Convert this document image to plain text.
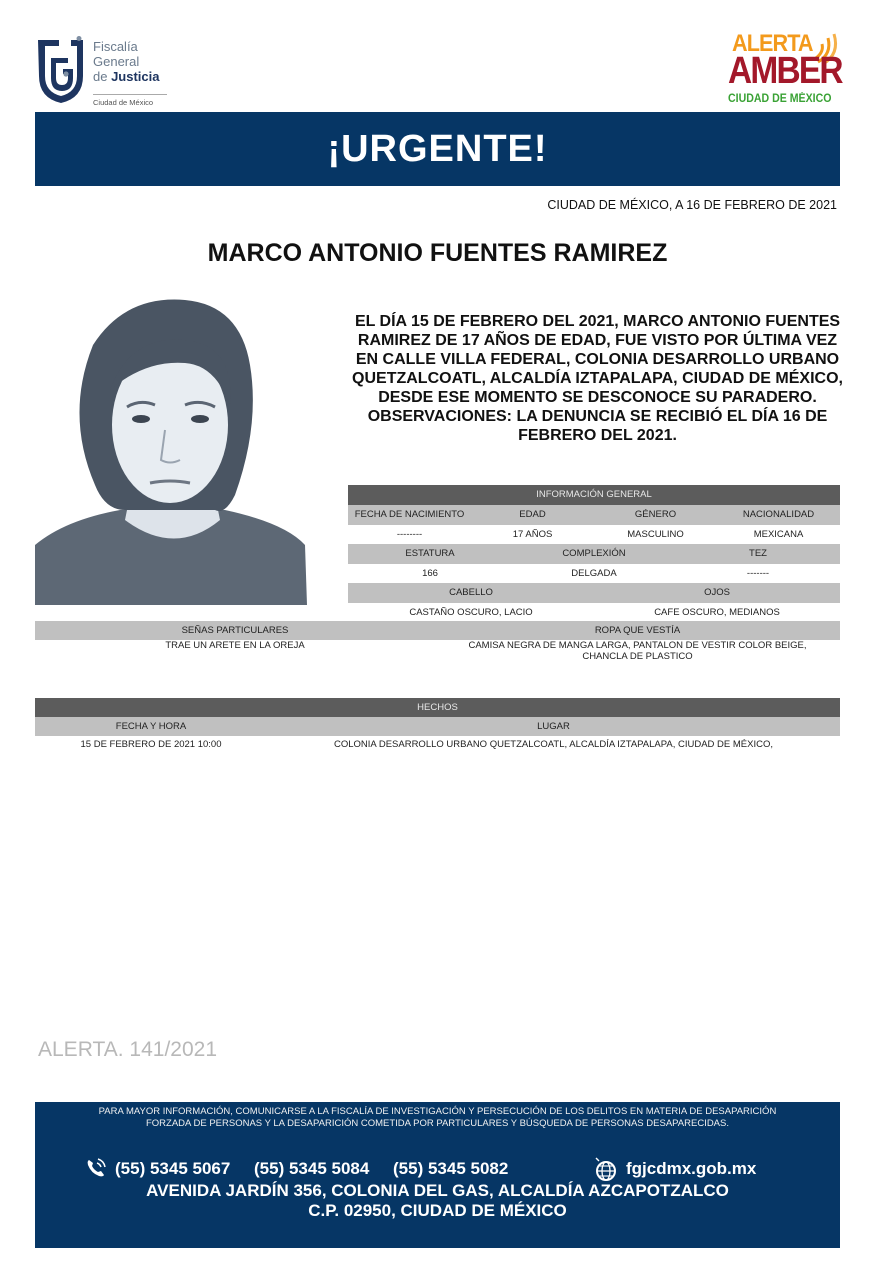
Fiscalía
General
de Justicia
Ciudad de México
ALERTA
AMBER
CIUDAD DE MÉXICO
¡URGENTE!
CIUDAD DE MÉXICO, A 16 DE FEBRERO DE 2021
MARCO ANTONIO FUENTES RAMIREZ
EL DÍA 15 DE FEBRERO DEL 2021, MARCO ANTONIO FUENTES RAMIREZ DE 17 AÑOS DE EDAD, FUE VISTO POR ÚLTIMA VEZ EN CALLE VILLA FEDERAL, COLONIA DESARROLLO URBANO QUETZALCOATL, ALCALDÍA IZTAPALAPA, CIUDAD DE MÉXICO, DESDE ESE MOMENTO SE DESCONOCE SU PARADERO.
OBSERVACIONES: LA DENUNCIA SE RECIBIÓ EL DÍA 16 DE FEBRERO DEL 2021.
INFORMACIÓN GENERAL
FECHA DE NACIMIENTO	EDAD	GÉNERO	NACIONALIDAD
--------	17 AÑOS	MASCULINO	MEXICANA
ESTATURA	COMPLEXIÓN	TEZ
166	DELGADA	-------
CABELLO	OJOS
CASTAÑO OSCURO, LACIO	CAFE OSCURO, MEDIANOS
SEÑAS PARTICULARES	ROPA QUE VESTÍA
TRAE UN ARETE EN LA OREJA	CAMISA NEGRA DE MANGA LARGA, PANTALON DE VESTIR COLOR BEIGE, CHANCLA DE PLASTICO
HECHOS
FECHA Y HORA	LUGAR
15 DE FEBRERO DE 2021 10:00	COLONIA DESARROLLO URBANO QUETZALCOATL, ALCALDÍA IZTAPALAPA, CIUDAD DE MÉXICO,
ALERTA. 141/2021
PARA MAYOR INFORMACIÓN, COMUNICARSE A LA FISCALÍA DE INVESTIGACIÓN Y PERSECUCIÓN DE LOS DELITOS EN MATERIA DE DESAPARICIÓN
FORZADA DE PERSONAS Y LA DESAPARICIÓN COMETIDA POR PARTICULARES Y BÚSQUEDA DE PERSONAS DESAPARECIDAS.
(55) 5345 5067 (55) 5345 5084 (55) 5345 5082	fgjcdmx.gob.mx
AVENIDA JARDÍN 356, COLONIA DEL GAS, ALCALDÍA AZCAPOTZALCO
C.P. 02950, CIUDAD DE MÉXICO
